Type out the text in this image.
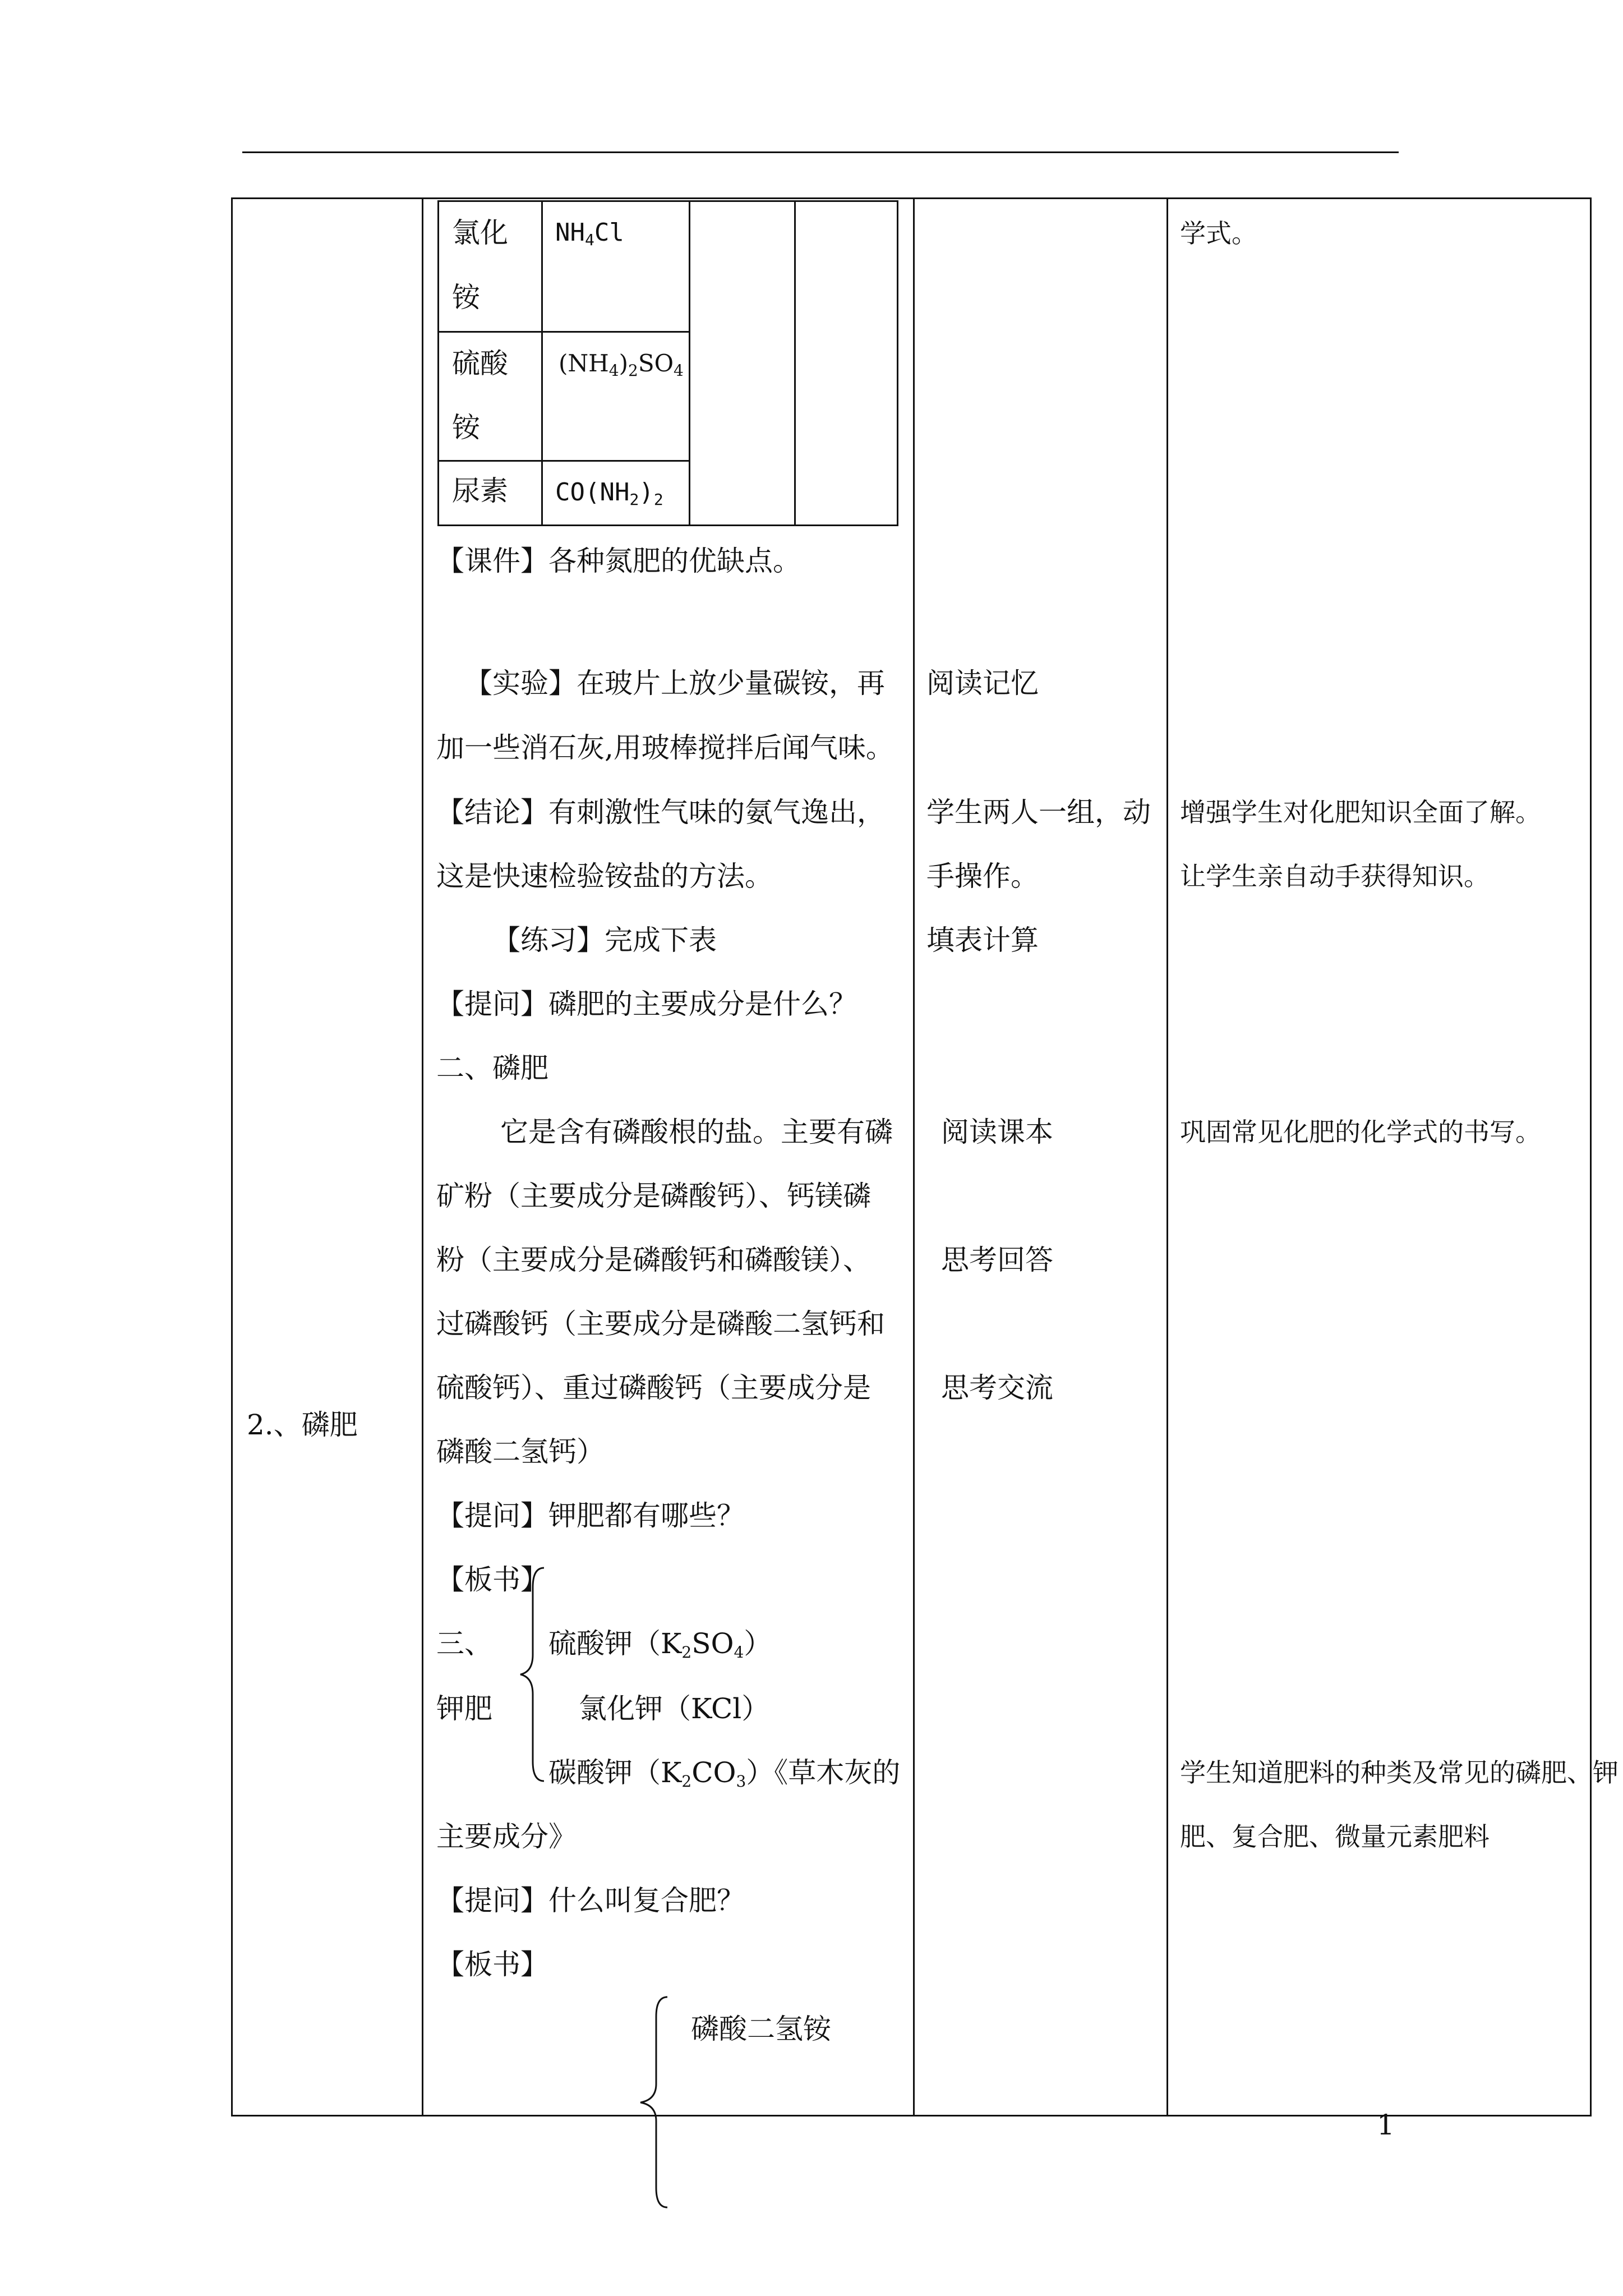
氯化
铵
$NH_4Cl$
硫酸
铵
$(NH_4)_2SO_4$
尿素 $CO(NH_2)_2$
【课件】各种氮肥的优缺点。
【实验】在玻片上放少量碳铵，再
加一些消石灰,用玻棒搅拌后闻气味。
【结论】有刺激性气味的氨气逸出，
这是快速检验铵盐的方法。
【练习】完成下表
【提问】磷肥的主要成分是什么？
二、磷肥
它是含有磷酸根的盐。主要有磷
矿粉（主要成分是磷酸钙）、钙镁磷
粉（主要成分是磷酸钙和磷酸镁）、
过磷酸钙（主要成分是磷酸二氢钙和
硫酸钙）、重过磷酸钙（主要成分是
磷酸二氢钙）
【提问】钾肥都有哪些？
【板书】
三、
钾肥
硫酸钾$(K_2SO_4)$
氯化钾（KCl）
碳酸钾$(K_2CO_3)$《草木灰的
主要成分》
【提问】什么叫复合肥？
【板书】
磷酸二氢铵
2.、磷肥
阅读记忆
学生两人一组，动
手操作。
填表计算
阅读课本
思考回答
思考交流
学式。
增强学生对化肥知识全面了解。
让学生亲自动手获得知识。
巩固常见化肥的化学式的书写。
学生知道肥料的种类及常见的磷肥、钾
肥、复合肥、微量元素肥料
1
